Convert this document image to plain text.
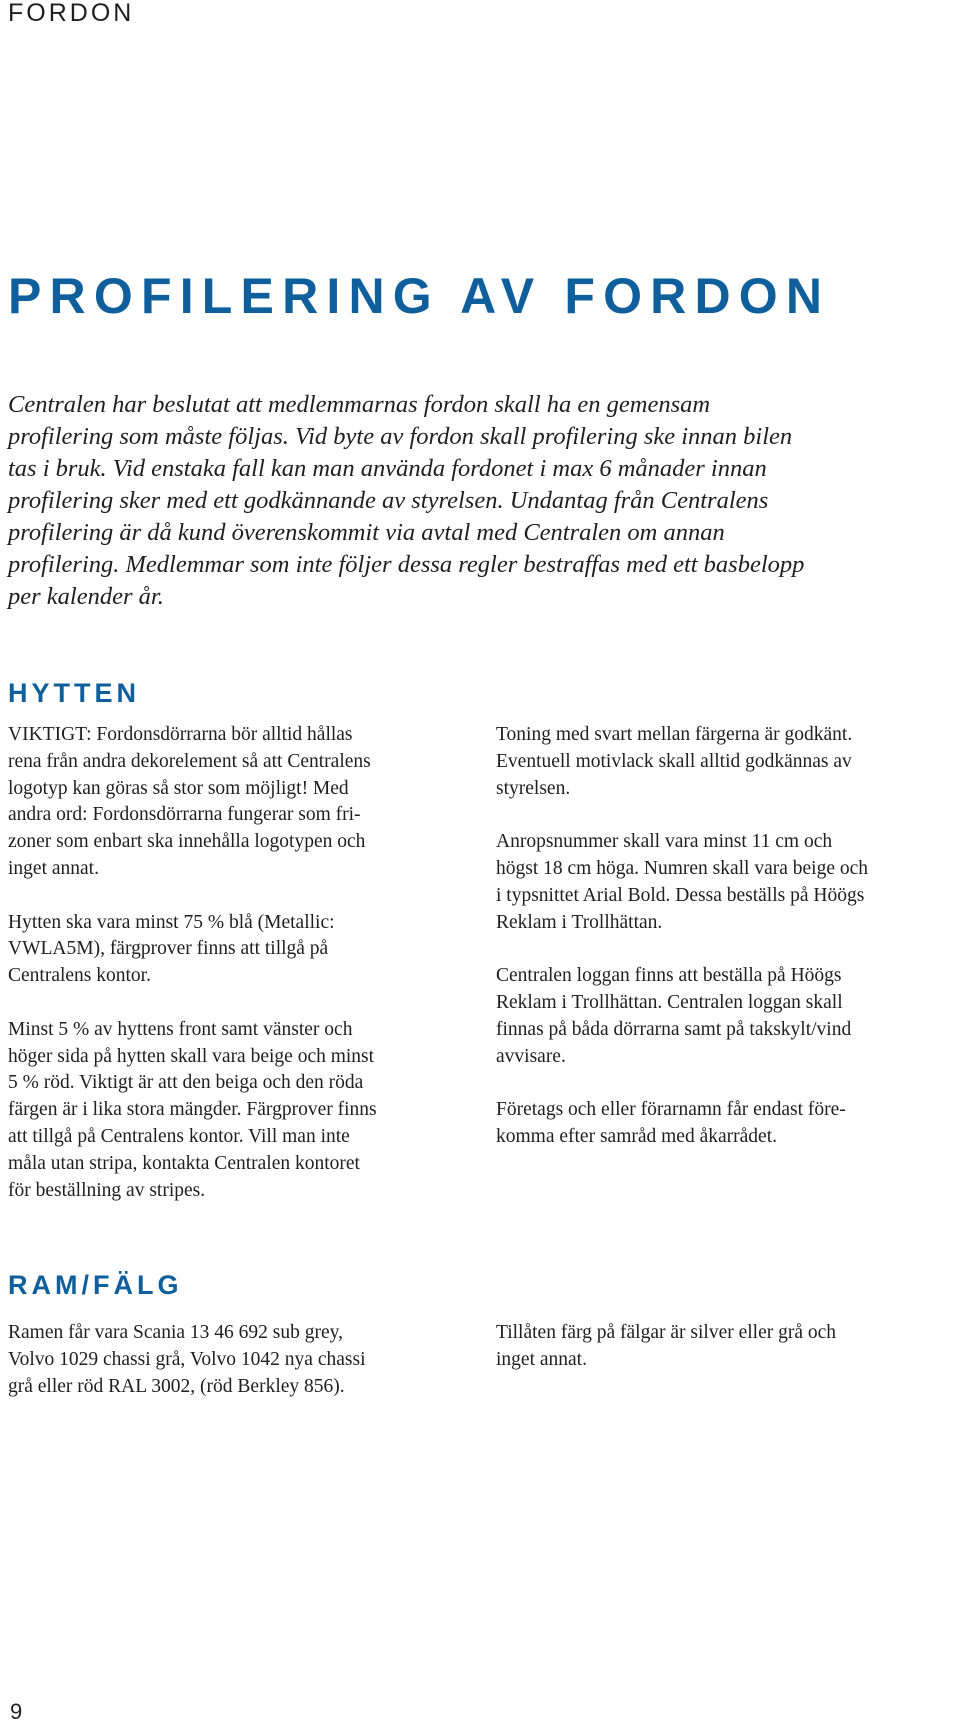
FORDON
PROFILERING AV FORDON
Centralen har beslutat att medlemmarnas fordon skall ha en gemensam
profilering som måste följas. Vid byte av fordon skall profilering ske innan bilen
tas i bruk. Vid enstaka fall kan man använda fordonet i max 6 månader innan
profilering sker med ett godkännande av styrelsen. Undantag från Centralens
profilering är då kund överenskommit via avtal med Centralen om annan
profilering. Medlemmar som inte följer dessa regler bestraffas med ett basbelopp
per kalender år.
HYTTEN

VIKTIGT: Fordonsdörrarna bör alltid hållas
rena från andra dekorelement så att Centralens
logotyp kan göras så stor som möjligt! Med
andra ord: Fordonsdörrarna fungerar som fri-
zoner som enbart ska innehålla logotypen och
inget annat.

Hytten ska vara minst 75 % blå (Metallic:
VWLA5M), färgprover finns att tillgå på
Centralens kontor.

Minst 5 % av hyttens front samt vänster och
höger sida på hytten skall vara beige och minst
5 % röd. Viktigt är att den beiga och den röda
färgen är i lika stora mängder. Färgprover finns
att tillgå på Centralens kontor. Vill man inte
måla utan stripa, kontakta Centralen kontoret
för beställning av stripes.

Toning med svart mellan färgerna är godkänt.
Eventuell motivlack skall alltid godkännas av
styrelsen.

Anropsnummer skall vara minst 11 cm och
högst 18 cm höga. Numren skall vara beige och
i typsnittet Arial Bold. Dessa beställs på Höögs
Reklam i Trollhättan.

Centralen loggan finns att beställa på Höögs
Reklam i Trollhättan. Centralen loggan skall
finnas på båda dörrarna samt på takskylt/vind
avvisare.

Företags och eller förarnamn får endast före-
komma efter samråd med åkarrådet.

RAM/FÄLG

Ramen får vara Scania 13 46 692 sub grey,
Volvo 1029 chassi grå, Volvo 1042 nya chassi
grå eller röd RAL 3002, (röd Berkley 856).

Tillåten färg på fälgar är silver eller grå och
inget annat.

9
